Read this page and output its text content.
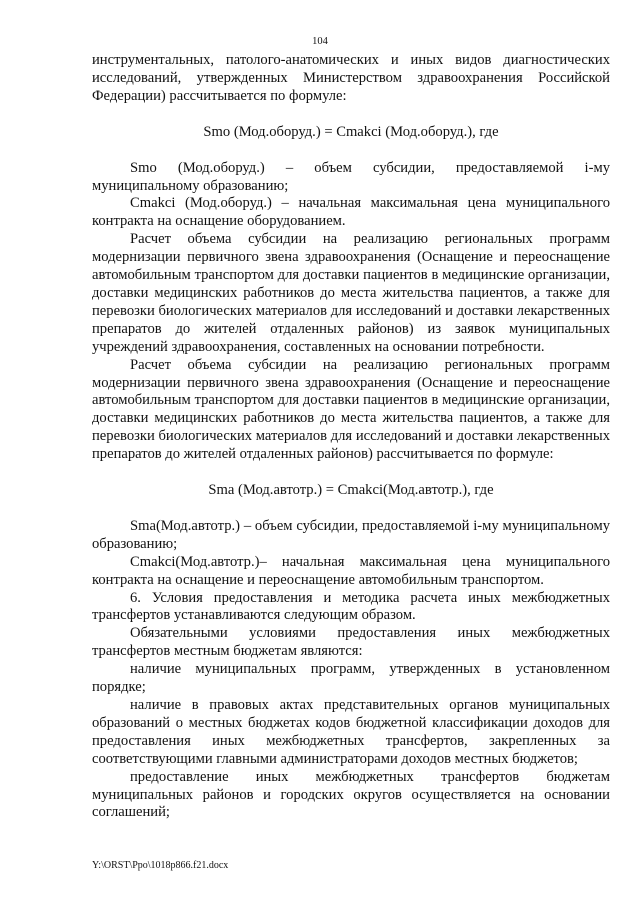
104

инструментальных, патолого-анатомических и иных видов диагностических исследований, утвержденных Министерством здравоохранения Российской Федерации) рассчитывается по формуле:

Smo (Мод.оборуд.) = Cmakci (Мод.оборуд.), где

Smo (Мод.оборуд.) – объем субсидии, предоставляемой i-му муниципальному образованию;

Cmakci (Мод.оборуд.) – начальная максимальная цена муниципального контракта на оснащение оборудованием.

Расчет объема субсидии на реализацию региональных программ модернизации первичного звена здравоохранения (Оснащение и переоснащение автомобильным транспортом для доставки пациентов в медицинские организации, доставки медицинских работников до места жительства пациентов, а также для перевозки биологических материалов для исследований и доставки лекарственных препаратов до жителей отдаленных районов) из заявок муниципальных учреждений здравоохранения, составленных на основании потребности.

Расчет объема субсидии на реализацию региональных программ модернизации первичного звена здравоохранения (Оснащение и переоснащение автомобильным транспортом для доставки пациентов в медицинские организации, доставки медицинских работников до места жительства пациентов, а также для перевозки биологических материалов для исследований и доставки лекарственных препаратов до жителей отдаленных районов) рассчитывается по формуле:

Sma (Мод.автотр.) = Cmakci(Мод.автотр.), где

Sma(Мод.автотр.) – объем субсидии, предоставляемой i-му муниципальному образованию;

Cmakci(Мод.автотр.)– начальная максимальная цена муниципального контракта на оснащение и переоснащение автомобильным транспортом.

6. Условия предоставления и методика расчета иных межбюджетных трансфертов устанавливаются следующим образом.

Обязательными условиями предоставления иных межбюджетных трансфертов местным бюджетам являются:

наличие муниципальных программ, утвержденных в установленном порядке;

наличие в правовых актах представительных органов муниципальных образований о местных бюджетах кодов бюджетной классификации доходов для предоставления иных межбюджетных трансфертов, закрепленных за соответствующими главными администраторами доходов местных бюджетов;

предоставление иных межбюджетных трансфертов бюджетам муниципальных районов и городских округов осуществляется на основании соглашений;

Y:\ORST\Ppo\1018p866.f21.docx
